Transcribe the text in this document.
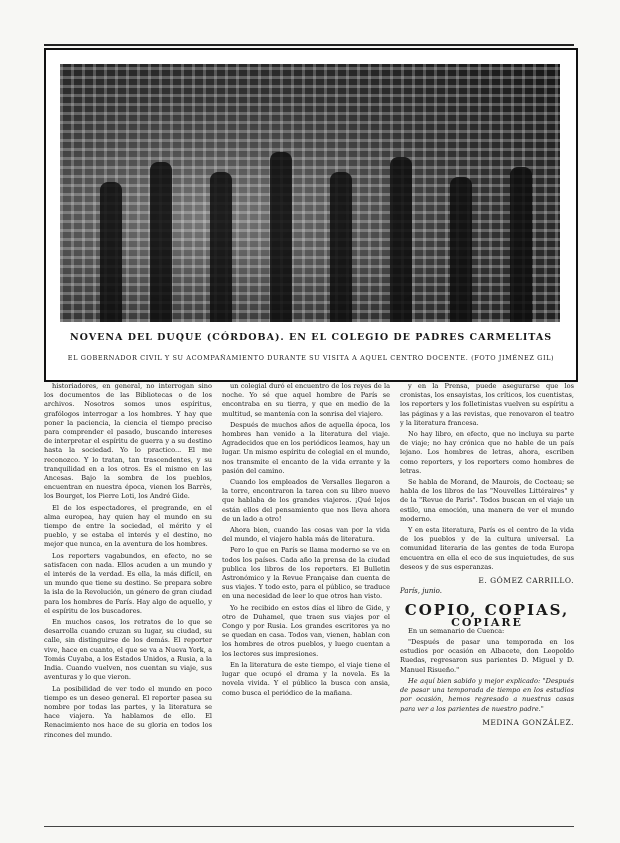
NOVENA DEL DUQUE (CÓRDOBA). EN EL COLEGIO DE PADRES CARMELITAS
EL GOBERNADOR CIVIL Y SU ACOMPAÑAMIENTO DURANTE SU VISITA A AQUEL CENTRO DOCENTE. (FOTO JIMÉNEZ GIL)

historiadores, en general, no interrogan sino los documentos de las Bibliotecas o de los archivos. Nosotros somos unos espíritus, grafólogos interrogar a los hombres. Y hay que poner la paciencia, la ciencia el tiempo preciso para comprender el pasado, buscando intereses de interpretar el espíritu de guerra y a su destino hasta la sociedad. Yo lo practico... El me reconozco. Y lo tratan, tan trascendentes, y su tranquilidad en a los otros. Es el mismo en las Ancesas. Bajo la sombra de los pueblos, encuentran en nuestra época, vienen los Barrès, los Bourget, los Pierre Loti, los André Gide.

El de los espectadores, el pregrande, en el alma europea, hay quien hay el mundo en su tiempo de entre la sociedad, el mérito y el pueblo, y se estaba el interés y el destino, no mejor que nunca, en la aventura de los hombres.

Los reporters vagabundos, en efecto, no se satisfacen con nada. Ellos acuden a un mundo y el interés de la verdad. Es ella, la más difícil, en un mundo que tiene su destino. Se prepara sobre la isla de la Revolución, un género de gran ciudad para los hombres de París. Hay algo de aquello, y el espíritu de los buscadores.

En muchos casos, los retratos de lo que se desarrolla cuando cruzan su lugar, su ciudad, su calle, sin distinguirse de los demás. El reporter vive, hace en cuanto, el que se va a Nueva York, a Tomás Cuyaba, a los Estados Unidos, a Rusia, a la India. Cuando vuelven, nos cuentan su viaje, sus aventuras y lo que vieron.

La posibilidad de ver todo el mundo en poco tiempo es un deseo general. El reporter pasea su nombre por todas las partes, y la literatura se hace viajera. Ya hablamos de ello. El Renacimiento nos hace de su gloria en todos los rincones del mundo.

un colegial duró el encuentro de los reyes de la noche. Yo sé que aquel hombre de París se encontraba en su tierra, y que en medio de la multitud, se mantenía con la sonrisa del viajero.

Después de muchos años de aquella época, los hombres han venido a la literatura del viaje. Agradecidos que en los periódicos leamos, hay un lugar. Un mismo espíritu de colegial en el mundo, nos transmite el encanto de la vida errante y la pasión del camino.

Cuando los empleados de Versalles llegaron a la torre, encontraron la tarea con su libro nuevo que hablaba de los grandes viajeros. ¡Qué lejos están ellos del pensamiento que nos lleva ahora de un lado a otro!

Ahora bien, cuando las cosas van por la vida del mundo, el viajero habla más de literatura.

Pero lo que en París se llama moderno se ve en todos los países. Cada año la prensa de la ciudad publica los libros de los reporters. El Bulletin Astronómico y la Revue Française dan cuenta de sus viajes. Y todo esto, para el público, se traduce en una necesidad de leer lo que otros han visto.

Yo he recibido en estos días el libro de Gide, y otro de Duhamel, que traen sus viajes por el Congo y por Rusia. Los grandes escritores ya no se quedan en casa. Todos van, vienen, hablan con los hombres de otros pueblos, y luego cuentan a los lectores sus impresiones.

En la literatura de este tiempo, el viaje tiene el lugar que ocupó el drama y la novela. Es la novela vivida. Y el público la busca con ansia, como busca el periódico de la mañana.

y en la Prensa, puede asegurarse que los cronistas, los ensayistas, los críticos, los cuentistas, los reporters y los folletinistas vuelven su espíritu a las páginas y a las revistas, que renovaron el teatro y la literatura francesa.

No hay libro, en efecto, que no incluya su parte de viaje; no hay crónica que no hable de un país lejano. Los hombres de letras, ahora, escriben como reporters, y los reporters como hombres de letras.

Se habla de Morand, de Maurois, de Cocteau; se habla de los libros de las "Nouvelles Littéraires" y de la "Revue de Paris". Todos buscan en el viaje un estilo, una emoción, una manera de ver el mundo moderno.

Y en esta literatura, París es el centro de la vida de los pueblos y de la cultura universal. La comunidad literaria de las gentes de toda Europa encuentra en ella el eco de sus inquietudes, de sus deseos y de sus esperanzas.

E. GÓMEZ CARRILLO.
París, junio.
COPIO, COPIAS,
COPIARE

En un semanario de Cuenca:

"Después de pasar una temporada en los estudios por ocasión en Albacete, don Leopoldo Ruedas, regresaron sus parientes D. Miguel y D. Manuel Risueño."

He aquí bien sabido y mejor explicado: "Después de pasar una temporada de tiempo en los estudios por ocasión, hemos regresado a nuestras casas para ver a los parientes de nuestro padre."

MEDINA GONZÁLEZ.
